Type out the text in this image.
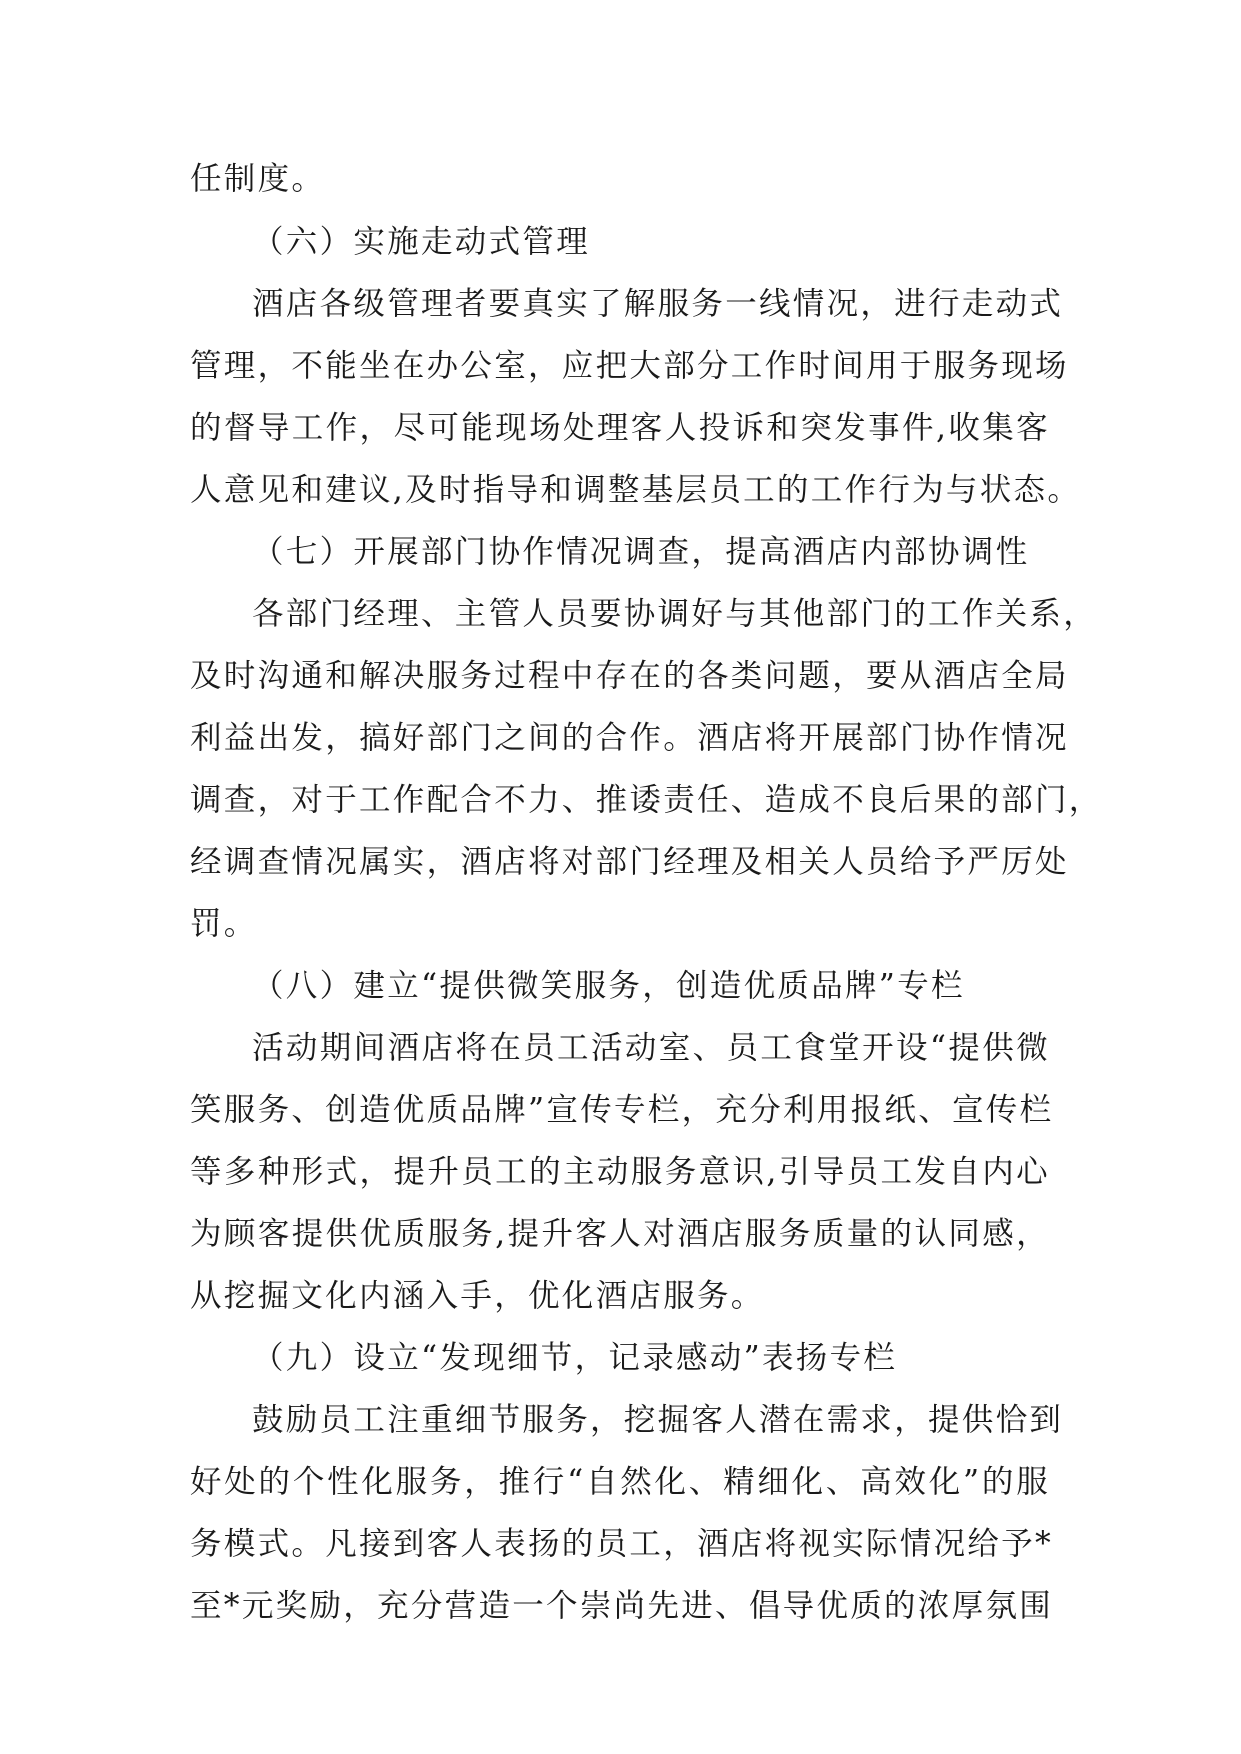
任制度。
（六）实施走动式管理
酒店各级管理者要真实了解服务一线情况，进行走动式
管理，不能坐在办公室，应把大部分工作时间用于服务现场
的督导工作，尽可能现场处理客人投诉和突发事件,收集客
人意见和建议,及时指导和调整基层员工的工作行为与状态。
（七）开展部门协作情况调查，提高酒店内部协调性
各部门经理、主管人员要协调好与其他部门的工作关系，
及时沟通和解决服务过程中存在的各类问题，要从酒店全局
利益出发，搞好部门之间的合作。酒店将开展部门协作情况
调查，对于工作配合不力、推诿责任、造成不良后果的部门，
经调查情况属实，酒店将对部门经理及相关人员给予严厉处
罚。
（八）建立“提供微笑服务，创造优质品牌”专栏
活动期间酒店将在员工活动室、员工食堂开设“提供微
笑服务、创造优质品牌”宣传专栏，充分利用报纸、宣传栏
等多种形式，提升员工的主动服务意识,引导员工发自内心
为顾客提供优质服务,提升客人对酒店服务质量的认同感，
从挖掘文化内涵入手，优化酒店服务。
（九）设立“发现细节，记录感动”表扬专栏
鼓励员工注重细节服务，挖掘客人潜在需求，提供恰到
好处的个性化服务，推行“自然化、精细化、高效化”的服
务模式。凡接到客人表扬的员工，酒店将视实际情况给予*
至*元奖励，充分营造一个崇尚先进、倡导优质的浓厚氛围
